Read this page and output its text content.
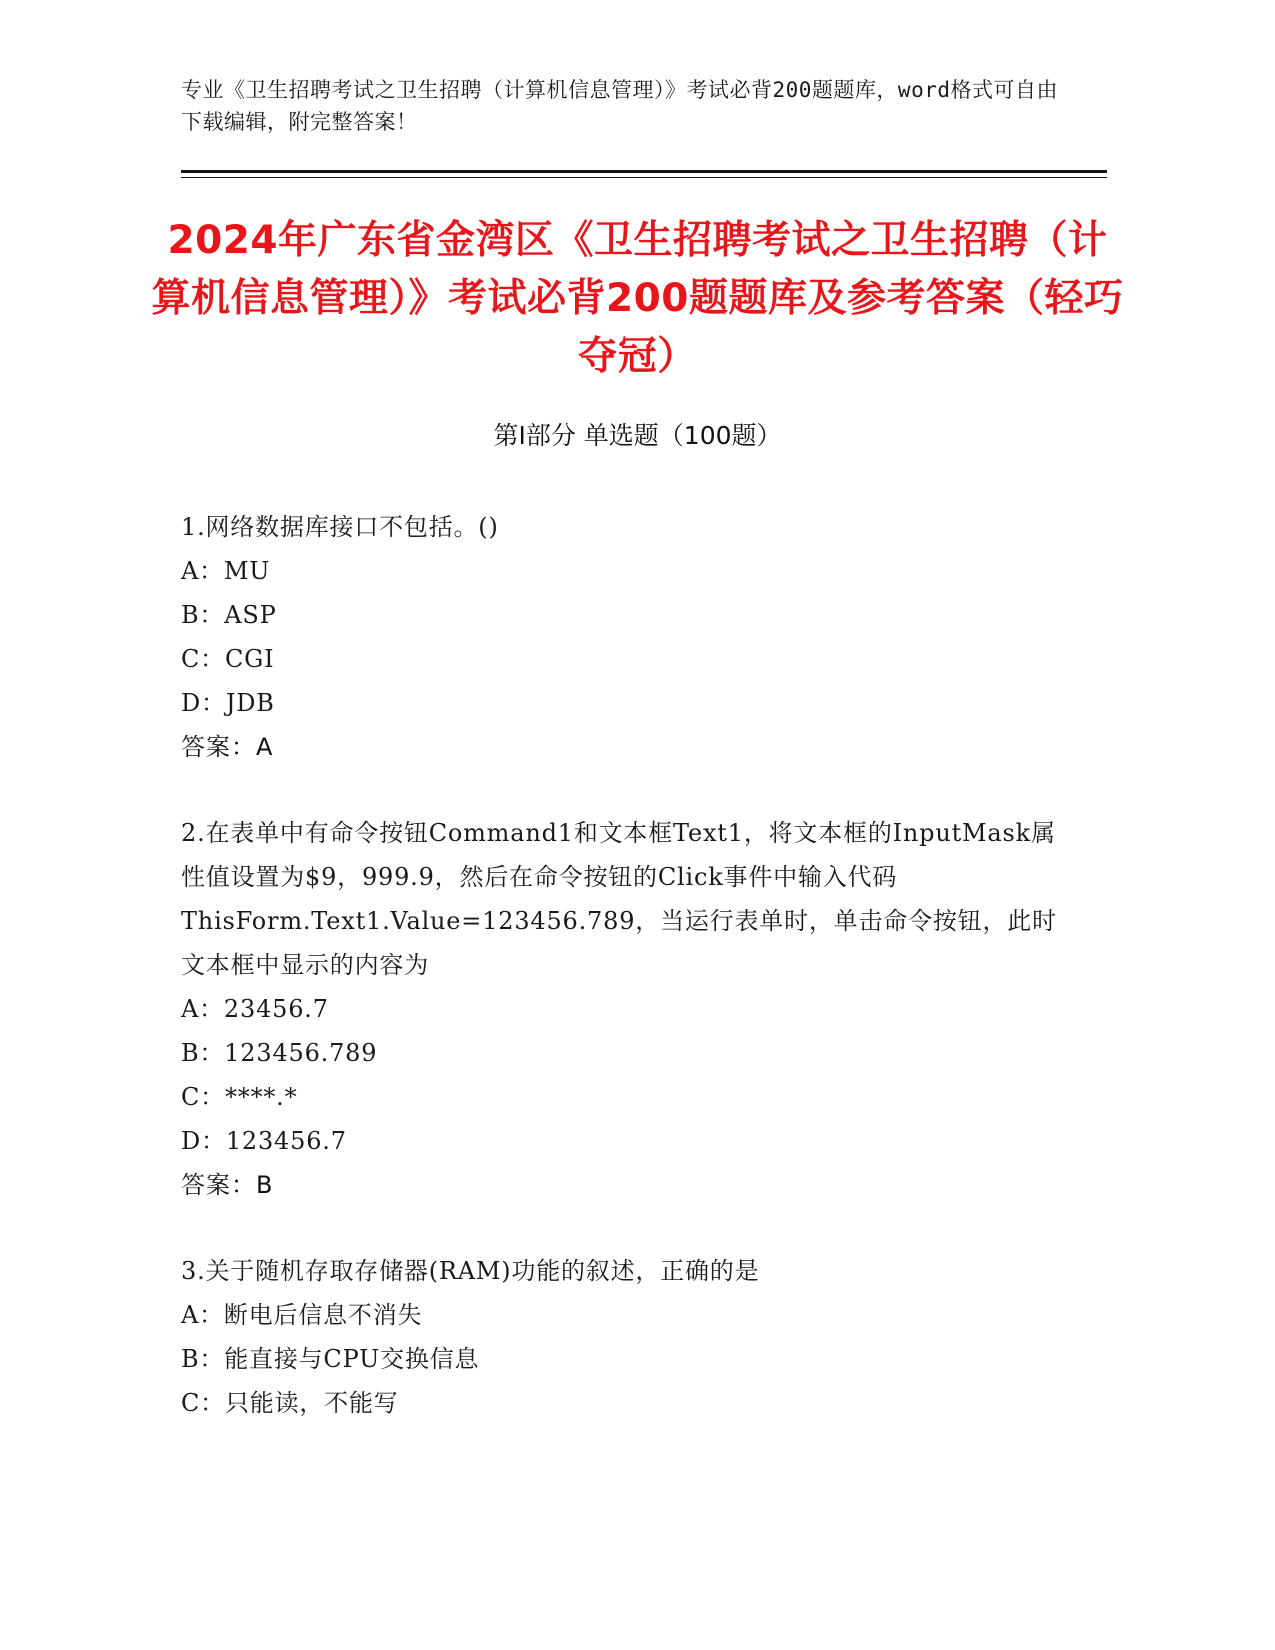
专业《卫生招聘考试之卫生招聘（计算机信息管理）》考试必背200题题库，word格式可自由下载编辑，附完整答案！
2024年广东省金湾区《卫生招聘考试之卫生招聘（计算机信息管理）》考试必背200题题库及参考答案（轻巧夺冠）
第Ⅰ部分 单选题（100题）
1.网络数据库接口不包括。()
A：MU
B：ASP
C：CGI
D：JDB
答案：A
2.在表单中有命令按钮Command1和文本框Text1，将文本框的InputMask属性值设置为$9，999.9，然后在命令按钮的Click事件中输入代码ThisForm.Text1.Value=123456.789，当运行表单时，单击命令按钮，此时文本框中显示的内容为
A：23456.7
B：123456.789
C：****.*
D：123456.7
答案：B
3.关于随机存取存储器(RAM)功能的叙述，正确的是
A：断电后信息不消失
B：能直接与CPU交换信息
C：只能读，不能写
